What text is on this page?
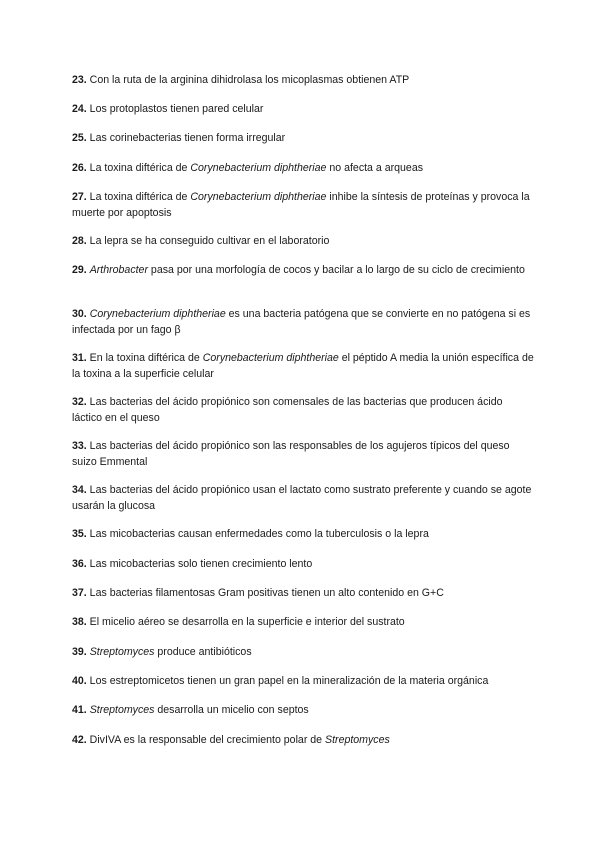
23. Con la ruta de la arginina dihidrolasa los micoplasmas obtienen ATP
24. Los protoplastos tienen pared celular
25. Las corinebacterias tienen forma irregular
26. La toxina diftérica de Corynebacterium diphtheriae no afecta a arqueas
27. La toxina diftérica de Corynebacterium diphtheriae inhibe la síntesis de proteínas y provoca la muerte por apoptosis
28. La lepra se ha conseguido cultivar en el laboratorio
29. Arthrobacter pasa por una morfología de cocos y bacilar a lo largo de su ciclo de crecimiento
30. Corynebacterium diphtheriae es una bacteria patógena que se convierte en no patógena si es infectada por un fago β
31. En la toxina diftérica de Corynebacterium diphtheriae el péptido A media la unión específica de la toxina a la superficie celular
32. Las bacterias del ácido propiónico son comensales de las bacterias que producen ácido láctico en el queso
33. Las bacterias del ácido propiónico son las responsables de los agujeros típicos del queso suizo Emmental
34. Las bacterias del ácido propiónico usan el lactato como sustrato preferente y cuando se agote usarán la glucosa
35. Las micobacterias causan enfermedades como la tuberculosis o la lepra
36. Las micobacterias solo tienen crecimiento lento
37. Las bacterias filamentosas Gram positivas tienen un alto contenido en G+C
38. El micelio aéreo se desarrolla en la superficie e interior del sustrato
39. Streptomyces produce antibióticos
40. Los estreptomicetos tienen un gran papel en la mineralización de la materia orgánica
41. Streptomyces desarrolla un micelio con septos
42. DivIVA es la responsable del crecimiento polar de Streptomyces
